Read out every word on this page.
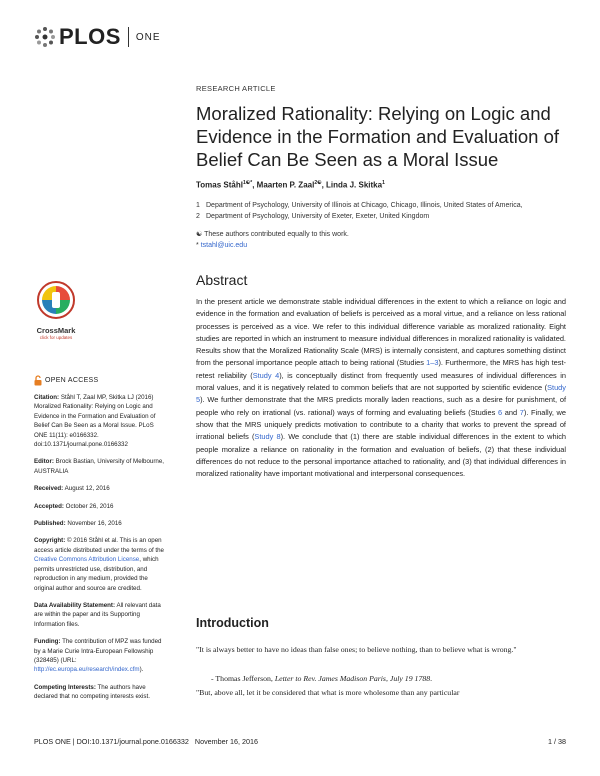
PLOS ONE
RESEARCH ARTICLE
Moralized Rationality: Relying on Logic and Evidence in the Formation and Evaluation of Belief Can Be Seen as a Moral Issue
Tomas Ståhl$^{1☯*}$, Maarten P. Zaal$^{2☯}$, Linda J. Skitka$^1$
1 Department of Psychology, University of Illinois at Chicago, Chicago, Illinois, United States of America,
2 Department of Psychology, University of Exeter, Exeter, United Kingdom
☯ These authors contributed equally to this work.
* tstahl@uic.edu
CrossMark
click for updates
OPEN ACCESS
Citation: Ståhl T, Zaal MP, Skitka LJ (2016) Moralized Rationality: Relying on Logic and Evidence in the Formation and Evaluation of Belief Can Be Seen as a Moral Issue. PLoS ONE 11(11): e0166332. doi:10.1371/journal.pone.0166332
Editor: Brock Bastian, University of Melbourne, AUSTRALIA
Received: August 12, 2016
Accepted: October 26, 2016
Published: November 16, 2016
Copyright: © 2016 Ståhl et al. This is an open access article distributed under the terms of the Creative Commons Attribution License, which permits unrestricted use, distribution, and reproduction in any medium, provided the original author and source are credited.
Data Availability Statement: All relevant data are within the paper and its Supporting Information files.
Funding: The contribution of MPZ was funded by a Marie Curie Intra-European Fellowship (328485) (URL: http://ec.europa.eu/research/index.cfm).
Competing Interests: The authors have declared that no competing interests exist.
Abstract

In the present article we demonstrate stable individual differences in the extent to which a reliance on logic and evidence in the formation and evaluation of beliefs is perceived as a moral virtue, and a reliance on less rational processes is perceived as a vice. We refer to this individual difference variable as moralized rationality. Eight studies are reported in which an instrument to measure individual differences in moralized rationality is validated. Results show that the Moralized Rationality Scale (MRS) is internally consistent, and captures something distinct from the personal importance people attach to being rational (Studies 1–3). Furthermore, the MRS has high test-retest reliability (Study 4), is conceptually distinct from frequently used measures of individual differences in moral values, and it is negatively related to common beliefs that are not supported by scientific evidence (Study 5). We further demonstrate that the MRS predicts morally laden reactions, such as a desire for punishment, of people who rely on irrational (vs. rational) ways of forming and evaluating beliefs (Studies 6 and 7). Finally, we show that the MRS uniquely predicts motivation to contribute to a charity that works to prevent the spread of irrational beliefs (Study 8). We conclude that (1) there are stable individual differences in the extent to which people moralize a reliance on rationality in the formation and evaluation of beliefs, (2) that these individual differences do not reduce to the personal importance attached to rationality, and (3) that individual differences in moralized rationality have important motivational and interpersonal consequences.

Introduction
"It is always better to have no ideas than false ones; to believe nothing, than to believe what is wrong."
- Thomas Jefferson, Letter to Rev. James Madison Paris, July 19 1788.
"But, above all, let it be considered that what is more wholesome than any particular
PLOS ONE | DOI:10.1371/journal.pone.0166332   November 16, 2016	1 / 38
